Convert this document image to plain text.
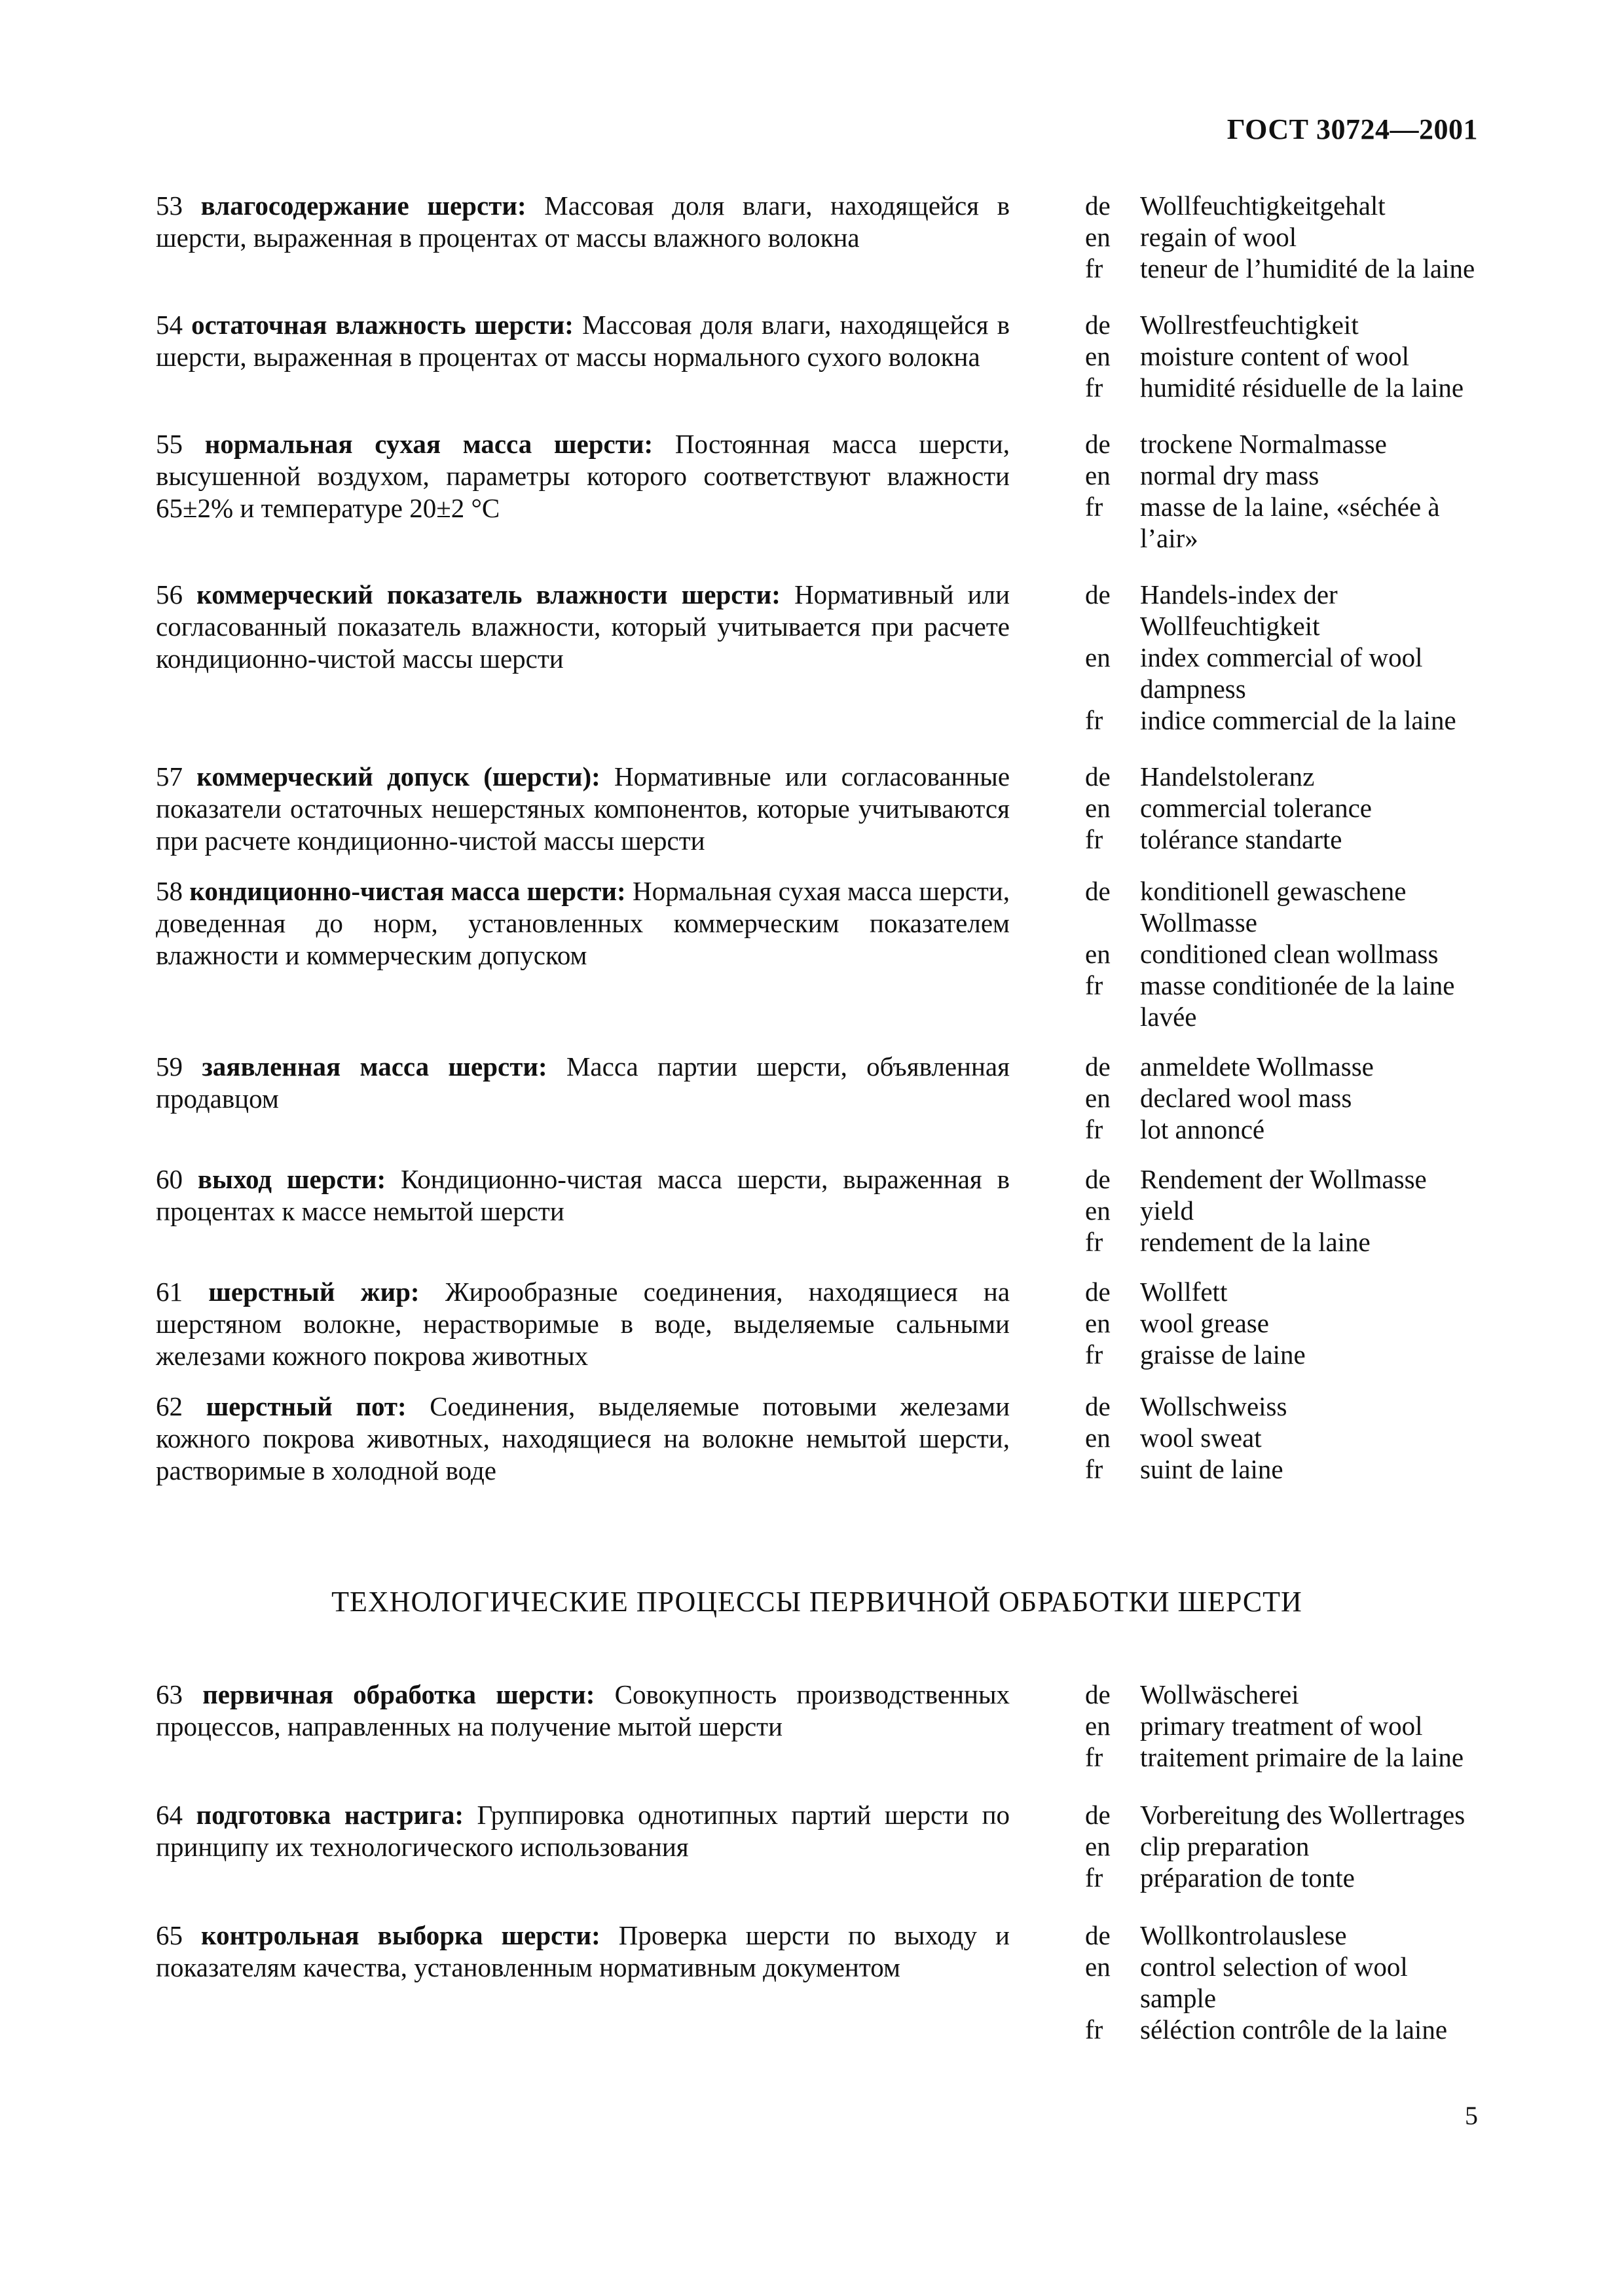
ГОСТ 30724—2001
53 влагосодержание шерсти: Массовая доля влаги, находящейся в шерсти, выраженная в процентах от массы влажного волокна
de	Wollfeuchtigkeitgehalt
en	regain of wool
fr	teneur de l’humidité de la laine
54 остаточная влажность шерсти: Массовая доля влаги, находящейся в шерсти, выраженная в процентах от массы нормального сухого волокна
de	Wollrestfeuchtigkeit
en	moisture content of wool
fr	humidité résiduelle de la laine
55 нормальная сухая масса шерсти: Постоянная масса шерсти, высушенной воздухом, параметры которого соответствуют влажности 65±2% и температуре 20±2 °С
de	trockene Normalmasse
en	normal dry mass
fr	masse de la laine, «séchée à l’air»
56 коммерческий показатель влажности шерсти: Нормативный или согласованный показатель влажности, который учитывается при расчете кондиционно-чистой массы шерсти
de	Handels-index der Wollfeuchtigkeit
en	index commercial of wool dampness
fr	indice commercial de la laine
57 коммерческий допуск (шерсти): Нормативные или согласованные показатели остаточных нешерстяных компонентов, которые учитываются при расчете кондиционно-чистой массы шерсти
de	Handelstoleranz
en	commercial tolerance
fr	tolérance standarte
58 кондиционно-чистая масса шерсти: Нормальная сухая масса шерсти, доведенная до норм, установленных коммерческим показателем влажности и коммерческим допуском
de	konditionell gewaschene Wollmasse
en	conditioned clean wollmass
fr	masse conditionée de la laine lavée
59 заявленная масса шерсти: Масса партии шерсти, объявленная продавцом
de	anmeldete Wollmasse
en	declared wool mass
fr	lot annoncé
60 выход шерсти: Кондиционно-чистая масса шерсти, выраженная в процентах к массе немытой шерсти
de	Rendement der Wollmasse
en	yield
fr	rendement de la laine
61 шерстный жир: Жирообразные соединения, находящиеся на шерстяном волокне, нерастворимые в воде, выделяемые сальными железами кожного покрова животных
de	Wollfett
en	wool grease
fr	graisse de laine
62 шерстный пот: Соединения, выделяемые потовыми железами кожного покрова животных, находящиеся на волокне немытой шерсти, растворимые в холодной воде
de	Wollschweiss
en	wool sweat
fr	suint de laine
ТЕХНОЛОГИЧЕСКИЕ ПРОЦЕССЫ ПЕРВИЧНОЙ ОБРАБОТКИ ШЕРСТИ
63 первичная обработка шерсти: Совокупность производственных процессов, направленных на получение мытой шерсти
de	Wollwäscherei
en	primary treatment of wool
fr	traitement primaire de la laine
64 подготовка настрига: Группировка однотипных партий шерсти по принципу их технологического использования
de	Vorbereitung des Wollertrages
en	clip preparation
fr	préparation de tonte
65 контрольная выборка шерсти: Проверка шерсти по выходу и показателям качества, установленным нормативным документом
de	Wollkontrolauslese
en	control selection of wool sample
fr	séléction contrôle de la laine
5
